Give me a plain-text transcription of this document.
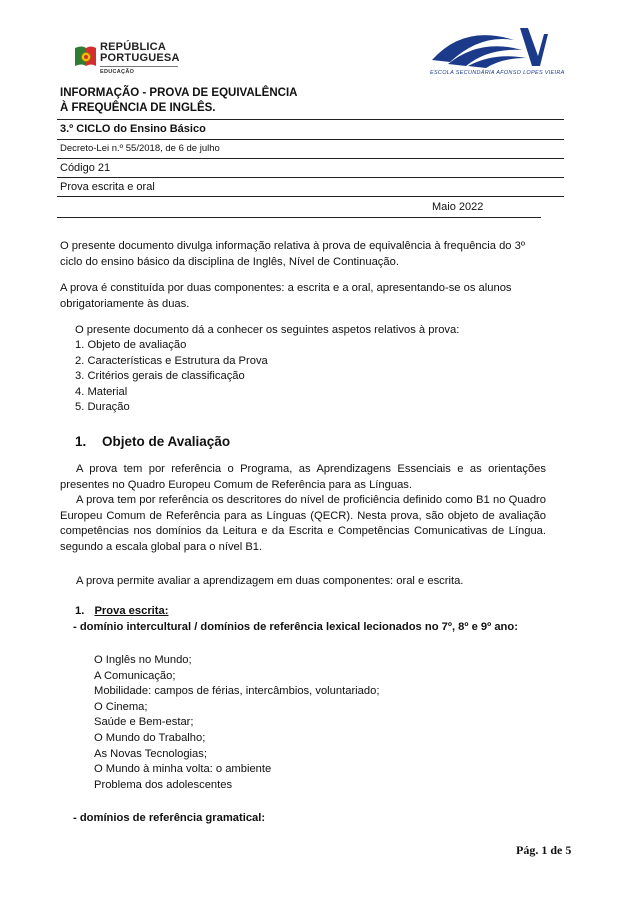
REPÚBLICA
PORTUGUESA
EDUCAÇÃO	ESCOLA SECUNDÁRIA AFONSO LOPES VIEIRA
INFORMAÇÃO - PROVA DE EQUIVALÊNCIA
À FREQUÊNCIA DE INGLÊS.
3.º CICLO do Ensino Básico
Decreto-Lei n.º 55/2018, de 6 de julho
Código 21
Prova escrita e oral
Maio 2022
O presente documento divulga informação relativa à prova de equivalência à frequência do 3º ciclo do ensino básico da disciplina de Inglês, Nível de Continuação.
A prova é constituída por duas componentes: a escrita e a oral, apresentando-se os alunos obrigatoriamente às duas.
O presente documento dá a conhecer os seguintes aspetos relativos à prova:
1. Objeto de avaliação
2. Características e Estrutura da Prova
3. Critérios gerais de classificação
4. Material
5. Duração
1. Objeto de Avaliação
A prova tem por referência o Programa, as Aprendizagens Essenciais e as orientações presentes no Quadro Europeu Comum de Referência para as Línguas.
A prova tem por referência os descritores do nível de proficiência definido como B1 no Quadro Europeu Comum de Referência para as Línguas (QECR). Nesta prova, são objeto de avaliação competências nos domínios da Leitura e da Escrita e Competências Comunicativas de Língua. segundo a escala global para o nível B1.
A prova permite avaliar a aprendizagem em duas componentes: oral e escrita.
1. Prova escrita:
- domínio intercultural / domínios de referência lexical lecionados no 7º, 8º e 9º ano:
O Inglês no Mundo;
A Comunicação;
Mobilidade: campos de férias, intercâmbios, voluntariado;
O Cinema;
Saúde e Bem-estar;
O Mundo do Trabalho;
As Novas Tecnologias;
O Mundo à minha volta: o ambiente
Problema dos adolescentes
- domínios de referência gramatical:
Pág. 1 de 5
